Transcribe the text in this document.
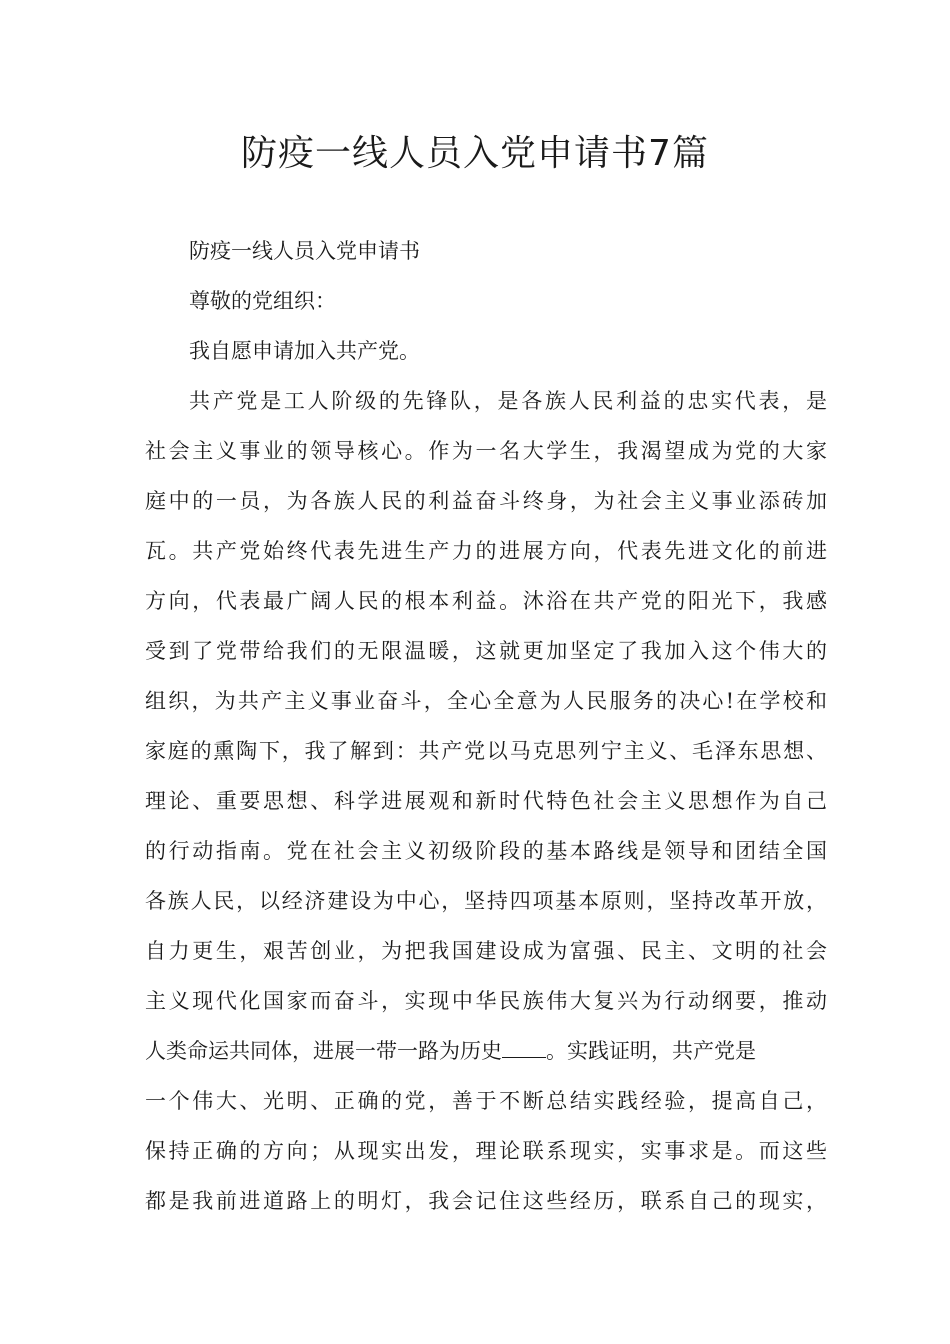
防疫一线人员入党申请书7篇
防疫一线人员入党申请书
尊敬的党组织：
我自愿申请加入共产党。
共产党是工人阶级的先锋队，是各族人民利益的忠实代表，是
社会主义事业的领导核心。作为一名大学生，我渴望成为党的大家
庭中的一员，为各族人民的利益奋斗终身，为社会主义事业添砖加
瓦。共产党始终代表先进生产力的进展方向，代表先进文化的前进
方向，代表最广阔人民的根本利益。沐浴在共产党的阳光下，我感
受到了党带给我们的无限温暖，这就更加坚定了我加入这个伟大的
组织，为共产主义事业奋斗，全心全意为人民服务的决心!在学校和
家庭的熏陶下，我了解到：共产党以马克思列宁主义、毛泽东思想、
理论、重要思想、科学进展观和新时代特色社会主义思想作为自己
的行动指南。党在社会主义初级阶段的基本路线是领导和团结全国
各族人民，以经济建设为中心，坚持四项基本原则，坚持改革开放，
自力更生，艰苦创业，为把我国建设成为富强、民主、文明的社会
主义现代化国家而奋斗，实现中华民族伟大复兴为行动纲要，推动
人类命运共同体，进展一带一路为历史 。实践证明，共产党是
一个伟大、光明、正确的党，善于不断总结实践经验，提高自己，
保持正确的方向；从现实出发，理论联系现实，实事求是。而这些
都是我前进道路上的明灯，我会记住这些经历，联系自己的现实，
